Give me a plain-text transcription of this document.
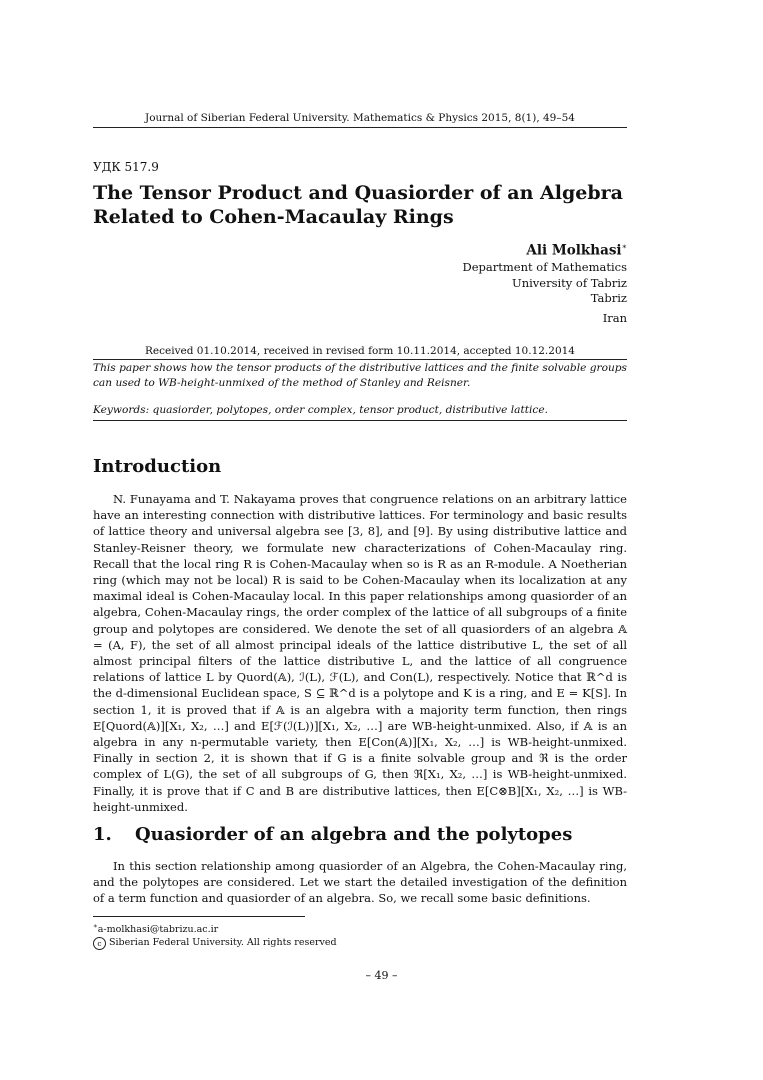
Journal of Siberian Federal University. Mathematics & Physics 2015, 8(1), 49–54
УДК 517.9
The Tensor Product and Quasiorder of an Algebra Related to Cohen-Macaulay Rings
Ali Molkhasi∗
Department of Mathematics
University of Tabriz
Tabriz
Iran
Received 01.10.2014, received in revised form 10.11.2014, accepted 10.12.2014
This paper shows how the tensor products of the distributive lattices and the finite solvable groups can used to WB-height-unmixed of the method of Stanley and Reisner.
Keywords: quasiorder, polytopes, order complex, tensor product, distributive lattice.
Introduction

N. Funayama and T. Nakayama proves that congruence relations on an arbitrary lattice have an interesting connection with distributive lattices. For terminology and basic results of lattice theory and universal algebra see [3, 8], and [9]. By using distributive lattice and Stanley-Reisner theory, we formulate new characterizations of Cohen-Macaulay ring. Recall that the local ring R is Cohen-Macaulay when so is R as an R-module. A Noetherian ring (which may not be local) R is said to be Cohen-Macaulay when its localization at any maximal ideal is Cohen-Macaulay local. In this paper relationships among quasiorder of an algebra, Cohen-Macaulay rings, the order complex of the lattice of all subgroups of a finite group and polytopes are considered. We denote the set of all quasiorders of an algebra 𝔸 = (A, F), the set of all almost principal ideals of the lattice distributive L, the set of all almost principal filters of the lattice distributive L, and the lattice of all congruence relations of lattice L by Quord(𝔸), ℐ(L), ℱ(L), and Con(L), respectively. Notice that ℝ^d is the d-dimensional Euclidean space, S ⊆ ℝ^d is a polytope and K is a ring, and E = K[S]. In section 1, it is proved that if 𝔸 is an algebra with a majority term function, then rings E[Quord(𝔸)][X₁, X₂, …] and E[ℱ(ℐ(L))][X₁, X₂, …] are WB-height-unmixed. Also, if 𝔸 is an algebra in any n-permutable variety, then E[Con(𝔸)][X₁, X₂, …] is WB-height-unmixed. Finally in section 2, it is shown that if G is a finite solvable group and ℜ is the order complex of L(G), the set of all subgroups of G, then ℜ[X₁, X₂, …] is WB-height-unmixed. Finally, it is prove that if C and B are distributive lattices, then E[C⊗B][X₁, X₂, …] is WB-height-unmixed.

1. Quasiorder of an algebra and the polytopes

In this section relationship among quasiorder of an Algebra, the Cohen-Macaulay ring, and the polytopes are considered. Let we start the detailed investigation of the definition of a term function and quasiorder of an algebra. So, we recall some basic definitions.

∗a-molkhasi@tabrizu.ac.ir
c Siberian Federal University. All rights reserved
– 49 –
